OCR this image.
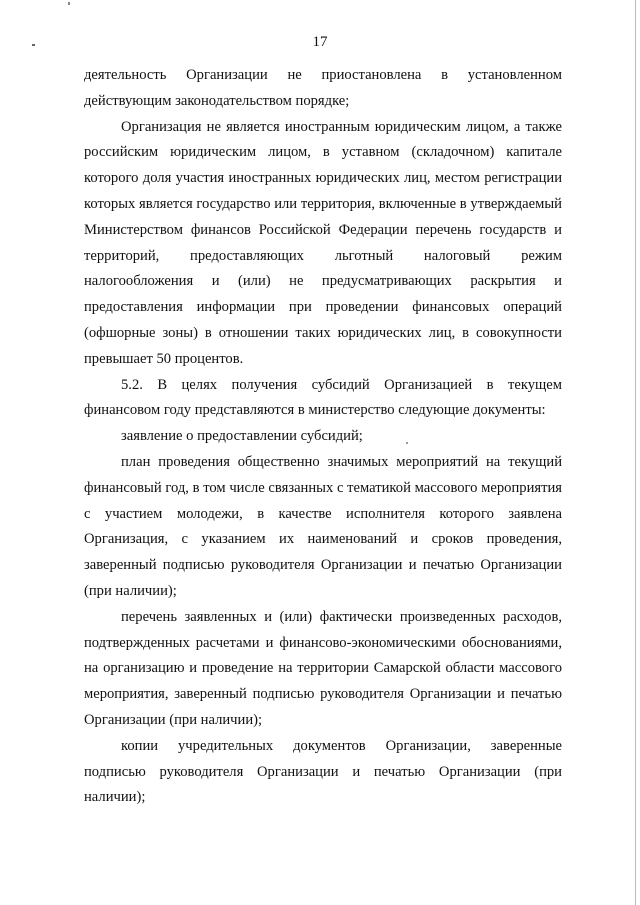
17

деятельность Организации не приостановлена в установленном действующим законодательством порядке;

Организация не является иностранным юридическим лицом, а также российским юридическим лицом, в уставном (складочном) капитале которого доля участия иностранных юридических лиц, местом регистрации которых является государство или территория, включенные в утверждаемый Министерством финансов Российской Федерации перечень государств и территорий, предоставляющих льготный налоговый режим налогообложения и (или) не предусматривающих раскрытия и предоставления информации при проведении финансовых операций (офшорные зоны) в отношении таких юридических лиц, в совокупности превышает 50 процентов.

5.2. В целях получения субсидий Организацией в текущем финансовом году представляются в министерство следующие документы:

заявление о предоставлении субсидий;

план проведения общественно значимых мероприятий на текущий финансовый год, в том числе связанных с тематикой массового мероприятия с участием молодежи, в качестве исполнителя которого заявлена Организация, с указанием их наименований и сроков проведения, заверенный подписью руководителя Организации и печатью Организации (при наличии);

перечень заявленных и (или) фактически произведенных расходов, подтвержденных расчетами и финансово-экономическими обоснованиями, на организацию и проведение на территории Самарской области массового мероприятия, заверенный подписью руководителя Организации и печатью Организации (при наличии);

копии учредительных документов Организации, заверенные подписью руководителя Организации и печатью Организации (при наличии);
